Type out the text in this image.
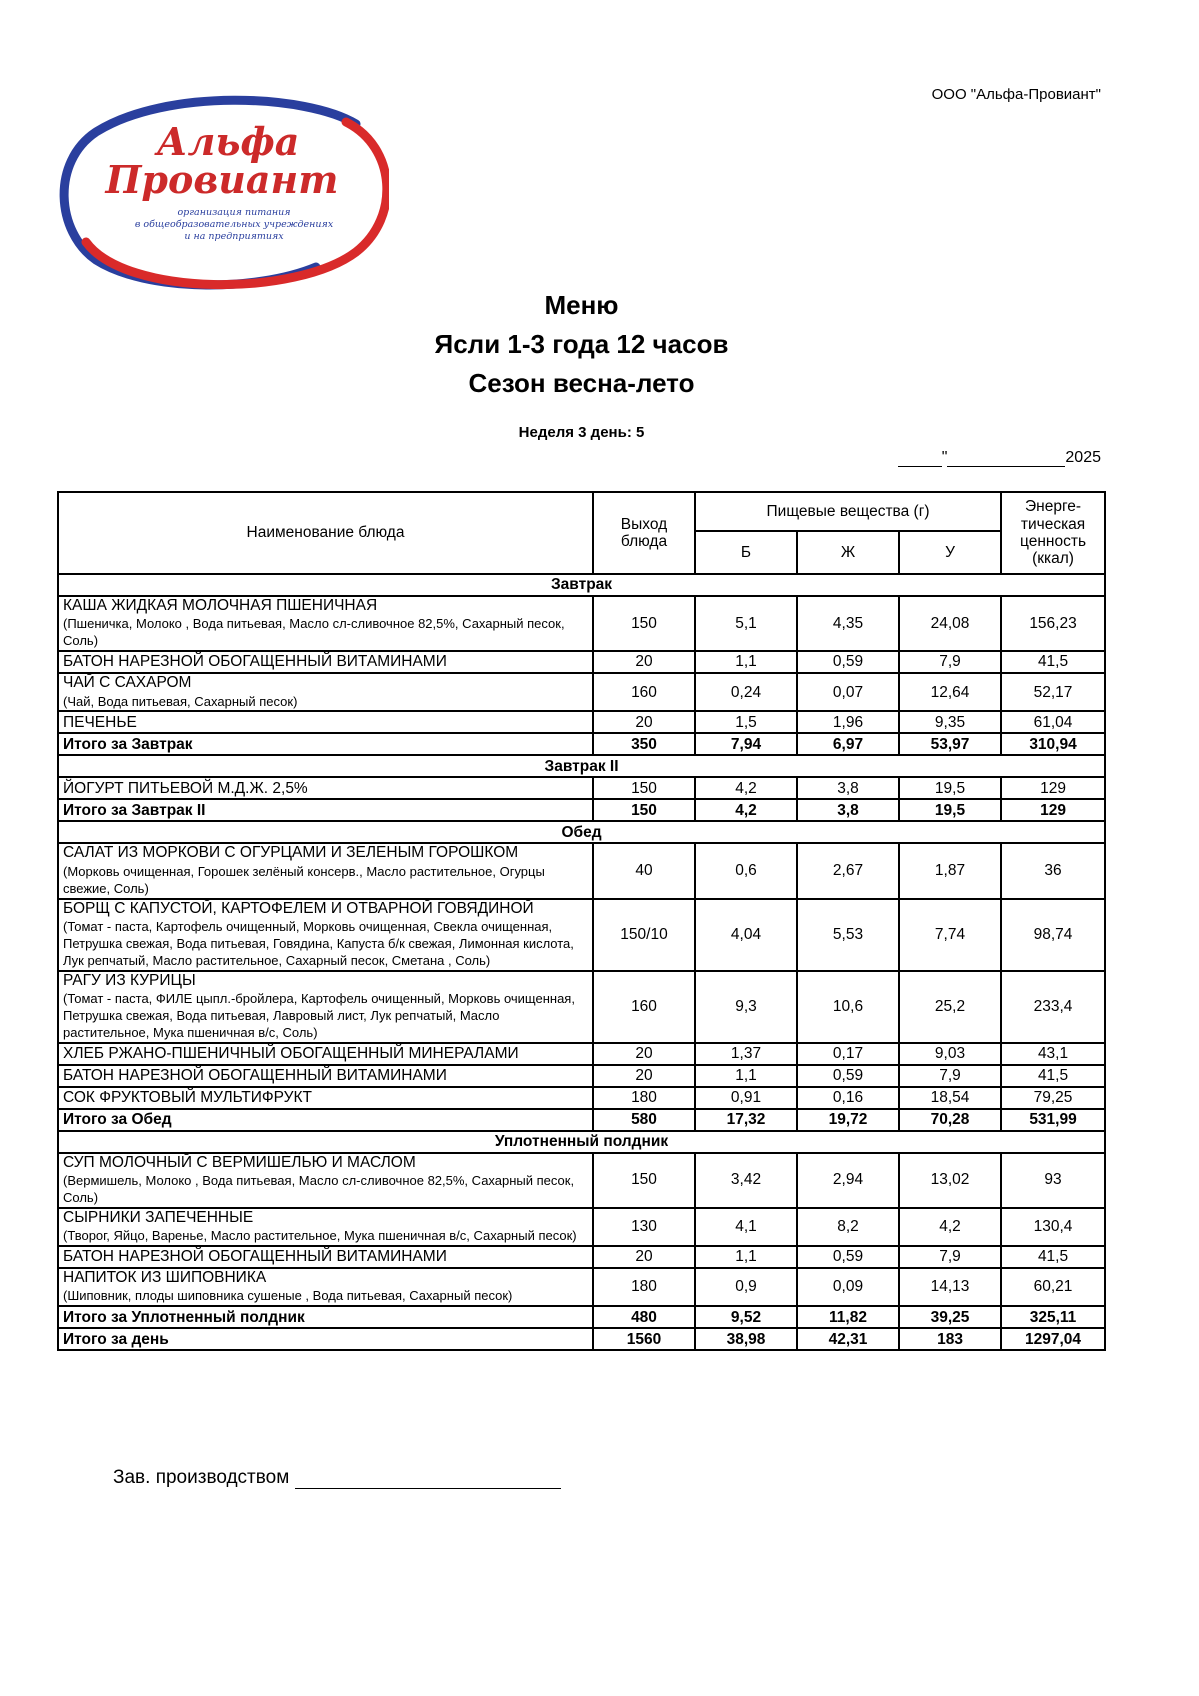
ООО "Альфа-Провиант"
Альфа
Провиант
организация питания
в общеобразовательных учреждениях
и на предприятиях
Меню
Ясли 1-3 года 12 часов
Сезон весна-лето
Неделя 3 день: 5
"	2025
Наименование блюда	Выход блюда	Пищевые вещества (г)			Энерге-тическая ценность (ккал)
		Б	Ж	У	
Завтрак					

КАША ЖИДКАЯ МОЛОЧНАЯ ПШЕНИЧНАЯ
(Пшеничка, Молоко , Вода питьевая, Масло сл-сливочное 82,5%, Сахарный песок, Соль)	150	5,1	4,35	24,08	156,23

БАТОН НАРЕЗНОЙ ОБОГАЩЕННЫЙ ВИТАМИНАМИ	20	1,1	0,59	7,9	41,5

ЧАЙ С САХАРОМ
(Чай, Вода питьевая, Сахарный песок)	160	0,24	0,07	12,64	52,17

ПЕЧЕНЬЕ	20	1,5	1,96	9,35	61,04
Итого за Завтрак	350	7,94	6,97	53,97	310,94
Завтрак II					

ЙОГУРТ ПИТЬЕВОЙ М.Д.Ж. 2,5%	150	4,2	3,8	19,5	129
Итого за Завтрак II	150	4,2	3,8	19,5	129
Обед					

САЛАТ ИЗ МОРКОВИ С ОГУРЦАМИ И ЗЕЛЕНЫМ ГОРОШКОМ
(Морковь очищенная, Горошек зелёный консерв., Масло растительное, Огурцы свежие, Соль)	40	0,6	2,67	1,87	36

БОРЩ С КАПУСТОЙ, КАРТОФЕЛЕМ И ОТВАРНОЙ ГОВЯДИНОЙ
(Томат - паста, Картофель очищенный, Морковь очищенная, Свекла очищенная, Петрушка свежая, Вода питьевая, Говядина, Капуста б/к свежая, Лимонная кислота, Лук репчатый, Масло растительное, Сахарный песок, Сметана , Соль)	150/10	4,04	5,53	7,74	98,74

РАГУ ИЗ КУРИЦЫ
(Томат - паста, ФИЛЕ цыпл.-бройлера, Картофель очищенный, Морковь очищенная, Петрушка свежая, Вода питьевая, Лавровый лист, Лук репчатый, Масло растительное, Мука пшеничная в/с, Соль)	160	9,3	10,6	25,2	233,4

ХЛЕБ РЖАНО-ПШЕНИЧНЫЙ ОБОГАЩЕННЫЙ МИНЕРАЛАМИ	20	1,37	0,17	9,03	43,1

БАТОН НАРЕЗНОЙ ОБОГАЩЕННЫЙ ВИТАМИНАМИ	20	1,1	0,59	7,9	41,5

СОК ФРУКТОВЫЙ МУЛЬТИФРУКТ	180	0,91	0,16	18,54	79,25
Итого за Обед	580	17,32	19,72	70,28	531,99
Уплотненный полдник					

СУП МОЛОЧНЫЙ С ВЕРМИШЕЛЬЮ И МАСЛОМ
(Вермишель, Молоко , Вода питьевая, Масло сл-сливочное 82,5%, Сахарный песок, Соль)	150	3,42	2,94	13,02	93

СЫРНИКИ ЗАПЕЧЕННЫЕ
(Творог, Яйцо, Варенье, Масло растительное, Мука пшеничная в/с, Сахарный песок)	130	4,1	8,2	4,2	130,4

БАТОН НАРЕЗНОЙ ОБОГАЩЕННЫЙ ВИТАМИНАМИ	20	1,1	0,59	7,9	41,5

НАПИТОК ИЗ ШИПОВНИКА
(Шиповник, плоды шиповника сушеные , Вода питьевая, Сахарный песок)	180	0,9	0,09	14,13	60,21
Итого за Уплотненный полдник	480	9,52	11,82	39,25	325,11
Итого за день	1560	38,98	42,31	183	1297,04
Зав. производством
